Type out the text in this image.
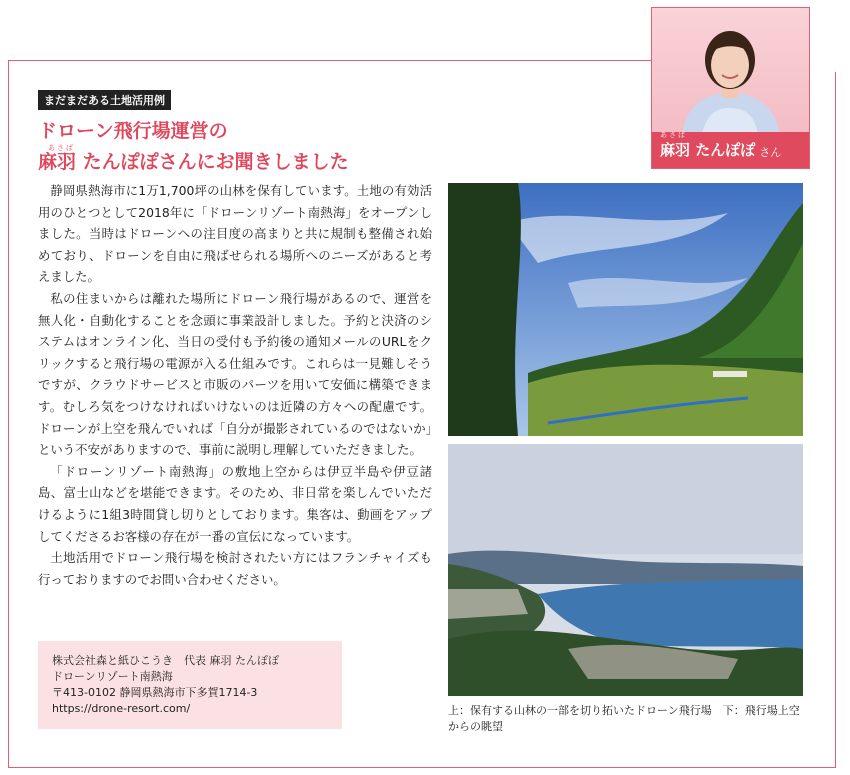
あさば
麻羽 たんぽぽ さん
まだまだある土地活用例
ドローン飛行場運営の
あさば
麻羽 たんぽぽさんにお聞きしました

静岡県熱海市に1万1,700坪の山林を保有しています。土地の有効活用のひとつとして2018年に「ドローンリゾート南熱海」をオープンしました。当時はドローンへの注目度の高まりと共に規制も整備され始めており、ドローンを自由に飛ばせられる場所へのニーズがあると考えました。

私の住まいからは離れた場所にドローン飛行場があるので、運営を無人化・自動化することを念頭に事業設計しました。予約と決済のシステムはオンライン化、当日の受付も予約後の通知メールのURLをクリックすると飛行場の電源が入る仕組みです。これらは一見難しそうですが、クラウドサービスと市販のパーツを用いて安価に構築できます。むしろ気をつけなければいけないのは近隣の方々への配慮です。ドローンが上空を飛んでいれば「自分が撮影されているのではないか」という不安がありますので、事前に説明し理解していただきました。

「ドローンリゾート南熱海」の敷地上空からは伊豆半島や伊豆諸島、富士山などを堪能できます。そのため、非日常を楽しんでいただけるように1組3時間貸し切りとしております。集客は、動画をアップしてくださるお客様の存在が一番の宣伝になっています。

土地活用でドローン飛行場を検討されたい方にはフランチャイズも行っておりますのでお問い合わせください。

株式会社森と紙ひこうき　代表 麻羽 たんぽぽ
ドローンリゾート南熱海
〒413-0102 静岡県熱海市下多賀1714-3
https://drone-resort.com/	上：保有する山林の一部を切り拓いたドローン飛行場　下：飛行場上空からの眺望
